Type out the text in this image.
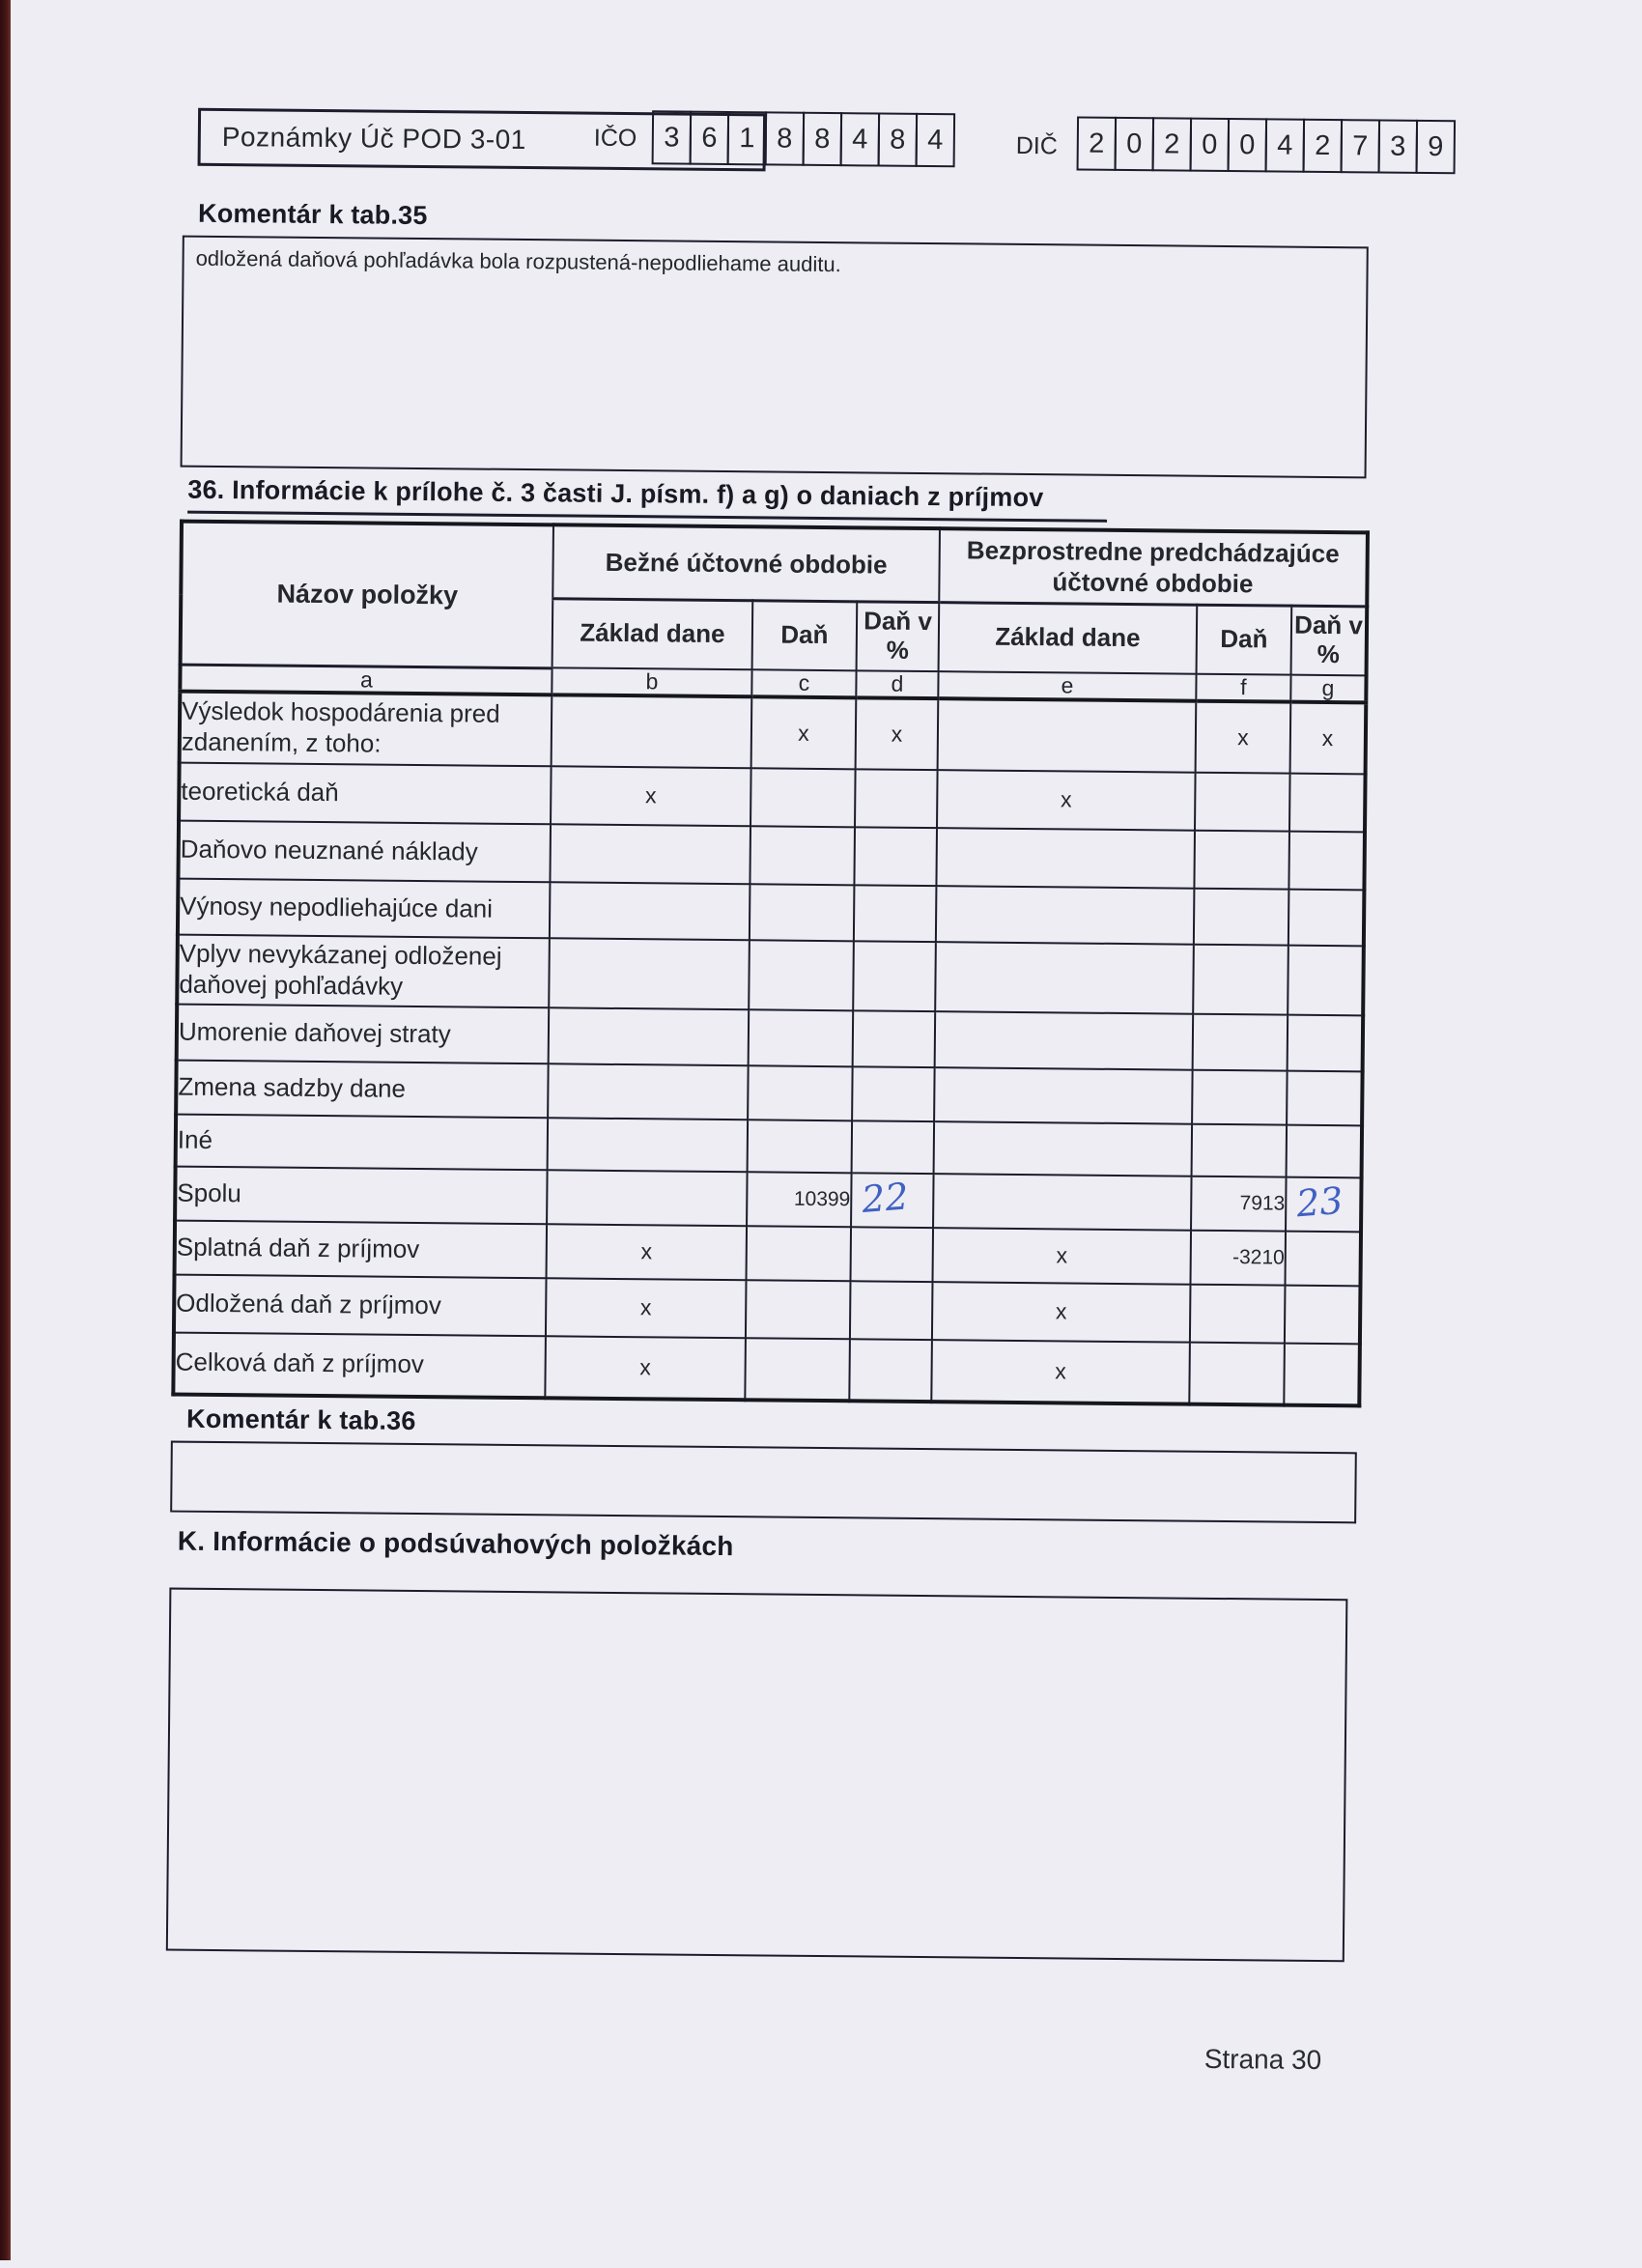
Poznámky Úč POD 3-01	IČO 3 6 1 8 8 4 8 4	DIČ	2 0 2 0 0 4 2 7 3 9
Komentár k tab.35
odložená daňová pohľadávka bola rozpustená-nepodliehame auditu.
36. Informácie k prílohe č. 3 časti J. písm. f) a g) o daniach z príjmov
Názov položky	Bežné účtovné obdobie			Bezprostredne predchádzajúce účtovné obdobie		
	Základ dane	Daň	Daň v %	Základ dane	Daň	Daň v %
a	b	c	d	e	f	g
Výsledok hospodárenia pred zdanením, z toho:		x	x		x	x
teoretická daň	x			x		
Daňovo neuznané náklady						
Výnosy nepodliehajúce dani						
Vplyv nevykázanej odloženej daňovej pohľadávky						
Umorenie daňovej straty						
Zmena sadzby dane						
Iné						
Spolu		10399	22		7913	23
Splatná daň z príjmov	x			x	-3210	
Odložená daň z príjmov	x			x		
Celková daň z príjmov	x			x		
Komentár k tab.36
K. Informácie o podsúvahových položkách
Strana 30
